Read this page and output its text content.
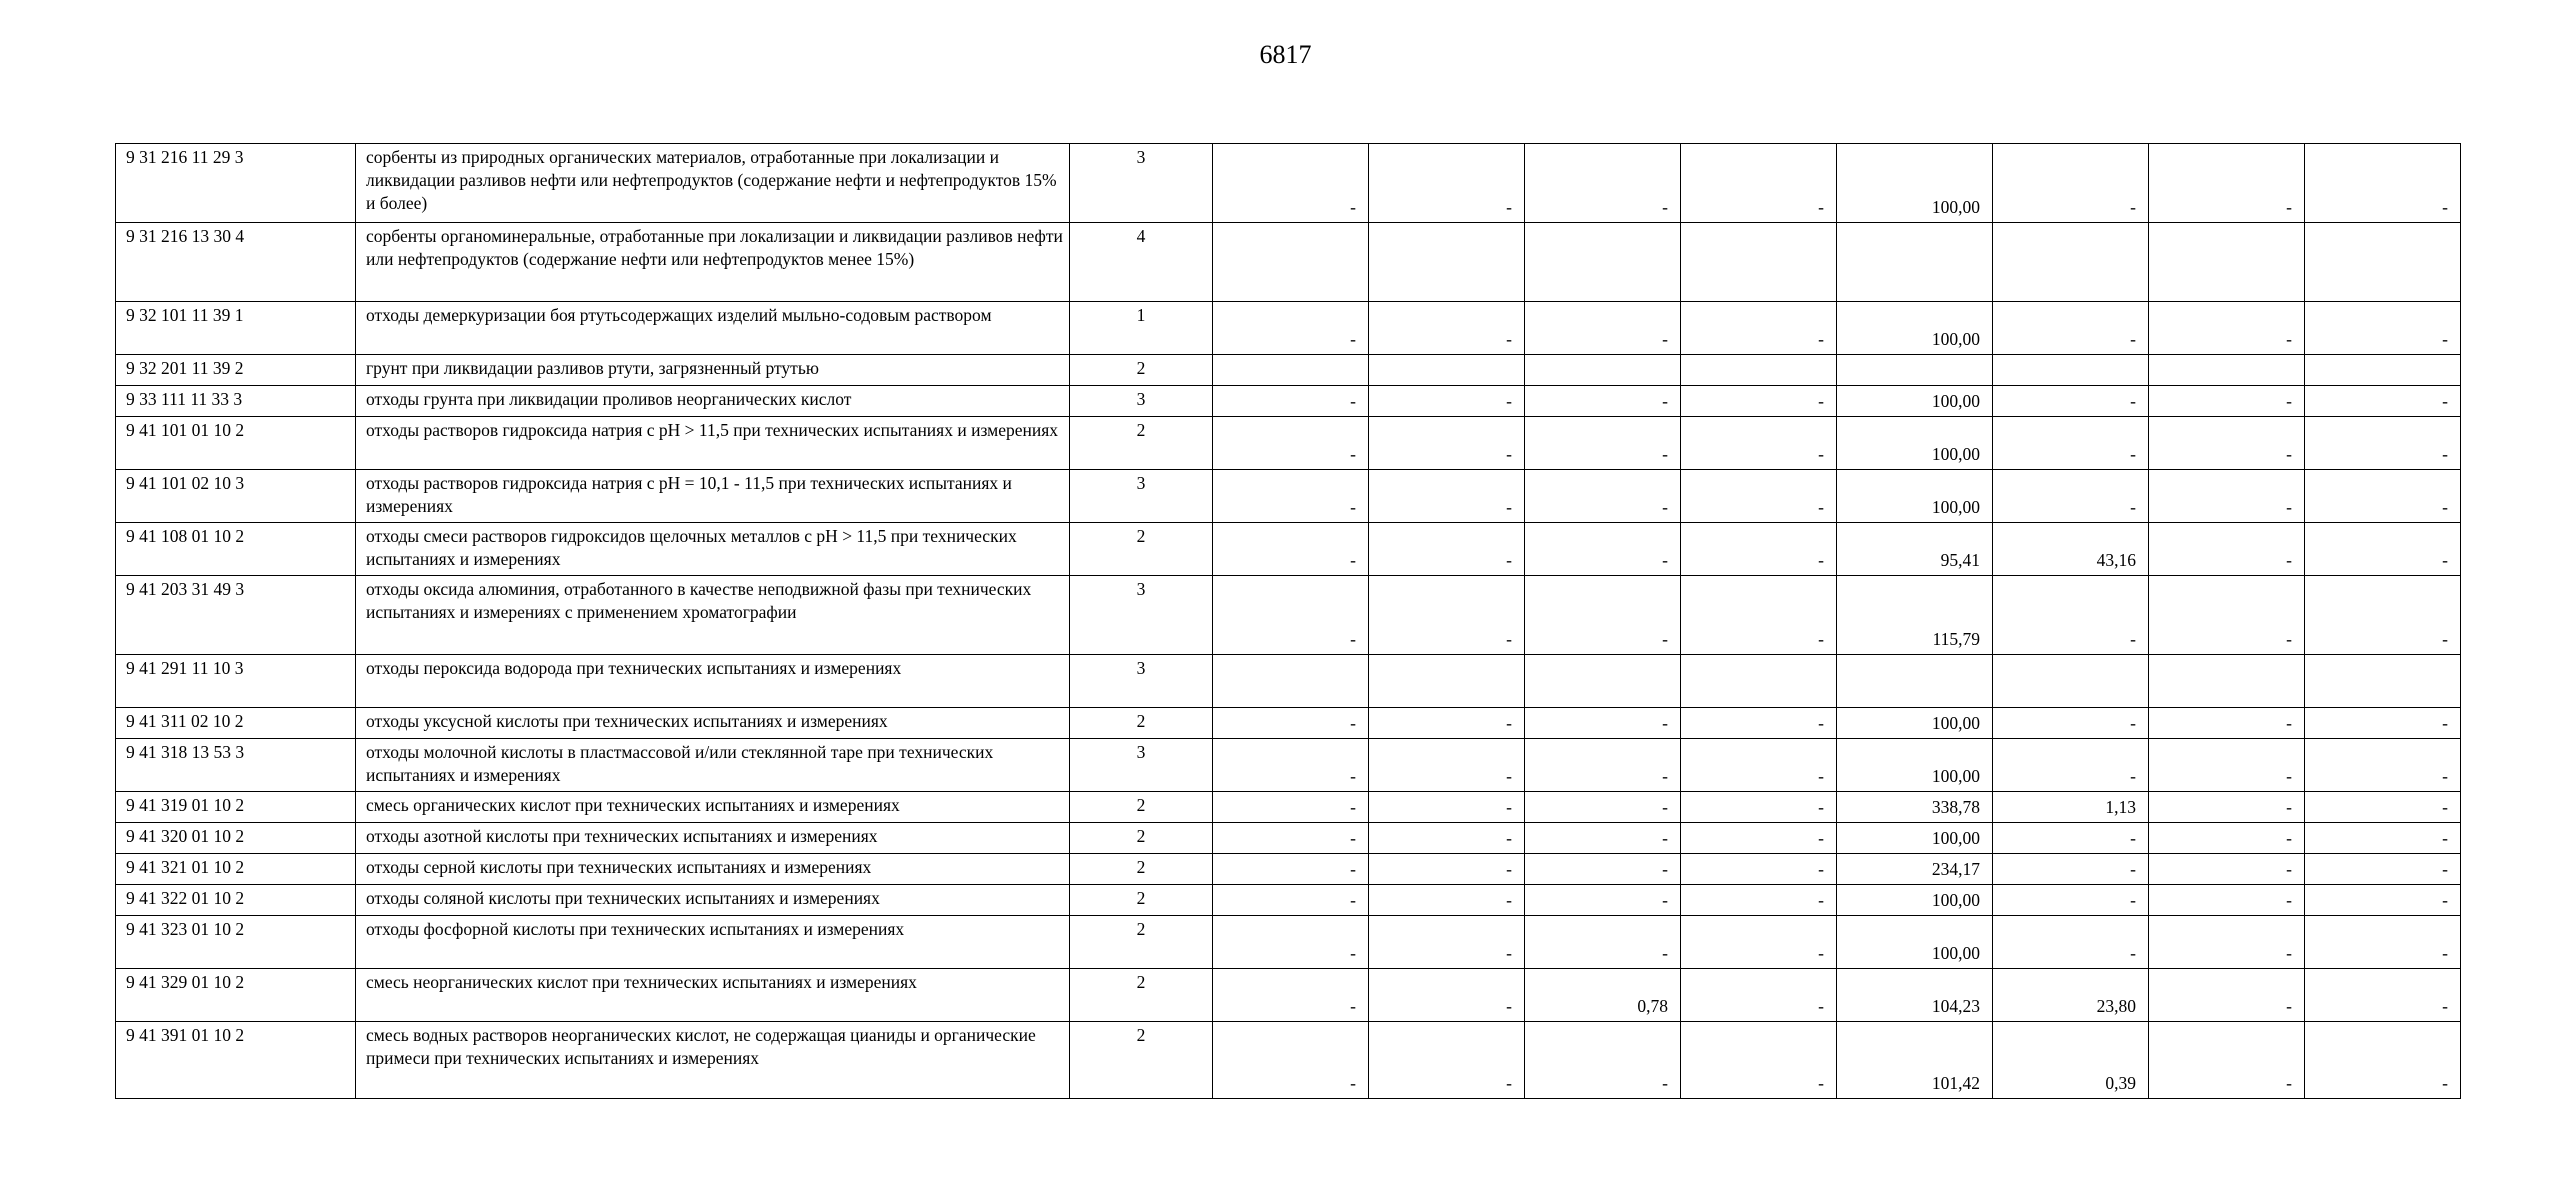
6817
9 31 216 11 29 3	сорбенты из природных органических материалов, отработанные при локализации и ликвидации разливов нефти или нефтепродуктов (содержание нефти и нефтепродуктов 15% и более)	3	-	-	-	-	100,00	-	-	-
9 31 216 13 30 4	сорбенты органоминеральные, отработанные при локализации и ликвидации разливов нефти или нефтепродуктов (содержание нефти или нефтепродуктов менее 15%)	4								
9 32 101 11 39 1	отходы демеркуризации боя ртутьсодержащих изделий мыльно-содовым раствором	1	-	-	-	-	100,00	-	-	-
9 32 201 11 39 2	грунт при ликвидации разливов ртути, загрязненный ртутью	2								
9 33 111 11 33 3	отходы грунта при ликвидации проливов неорганических кислот	3	-	-	-	-	100,00	-	-	-
9 41 101 01 10 2	отходы растворов гидроксида натрия с рН > 11,5 при технических испытаниях и измерениях	2	-	-	-	-	100,00	-	-	-
9 41 101 02 10 3	отходы растворов гидроксида натрия с рН = 10,1 - 11,5 при технических испытаниях и измерениях	3	-	-	-	-	100,00	-	-	-
9 41 108 01 10 2	отходы смеси растворов гидроксидов щелочных металлов с рН > 11,5 при технических испытаниях и измерениях	2	-	-	-	-	95,41	43,16	-	-
9 41 203 31 49 3	отходы оксида алюминия, отработанного в качестве неподвижной фазы при технических испытаниях и измерениях с применением хроматографии	3	-	-	-	-	115,79	-	-	-
9 41 291 11 10 3	отходы пероксида водорода при технических испытаниях и измерениях	3								
9 41 311 02 10 2	отходы уксусной кислоты при технических испытаниях и измерениях	2	-	-	-	-	100,00	-	-	-
9 41 318 13 53 3	отходы молочной кислоты в пластмассовой и/или стеклянной таре при технических испытаниях и измерениях	3	-	-	-	-	100,00	-	-	-
9 41 319 01 10 2	смесь органических кислот при технических испытаниях и измерениях	2	-	-	-	-	338,78	1,13	-	-
9 41 320 01 10 2	отходы азотной кислоты при технических испытаниях и измерениях	2	-	-	-	-	100,00	-	-	-
9 41 321 01 10 2	отходы серной кислоты при технических испытаниях и измерениях	2	-	-	-	-	234,17	-	-	-
9 41 322 01 10 2	отходы соляной кислоты при технических испытаниях и измерениях	2	-	-	-	-	100,00	-	-	-
9 41 323 01 10 2	отходы фосфорной кислоты при технических испытаниях и измерениях	2	-	-	-	-	100,00	-	-	-
9 41 329 01 10 2	смесь неорганических кислот при технических испытаниях и измерениях	2	-	-	0,78	-	104,23	23,80	-	-
9 41 391 01 10 2	смесь водных растворов неорганических кислот, не содержащая цианиды и органические примеси при технических испытаниях и измерениях	2	-	-	-	-	101,42	0,39	-	-
